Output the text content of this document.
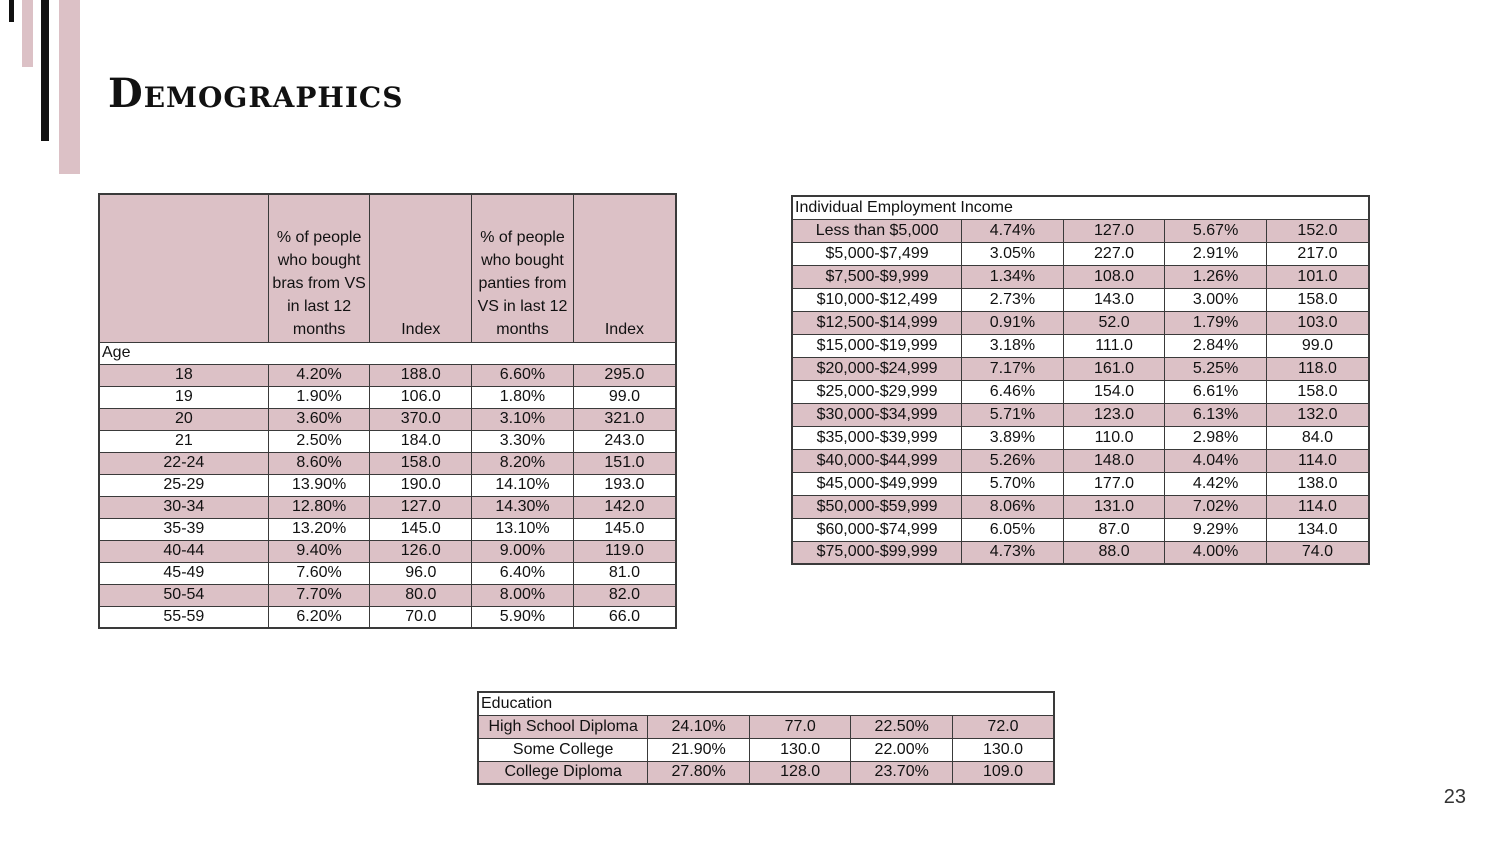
Demographics
	% of people who bought bras from VS in last 12 months	Index	% of people who bought panties from VS in last 12 months	Index
Age				
18	4.20%	188.0	6.60%	295.0
19	1.90%	106.0	1.80%	99.0
20	3.60%	370.0	3.10%	321.0
21	2.50%	184.0	3.30%	243.0
22-24	8.60%	158.0	8.20%	151.0
25-29	13.90%	190.0	14.10%	193.0
30-34	12.80%	127.0	14.30%	142.0
35-39	13.20%	145.0	13.10%	145.0
40-44	9.40%	126.0	9.00%	119.0
45-49	7.60%	96.0	6.40%	81.0
50-54	7.70%	80.0	8.00%	82.0
55-59	6.20%	70.0	5.90%	66.0
Individual Employment Income				
Less than $5,000	4.74%	127.0	5.67%	152.0
$5,000-$7,499	3.05%	227.0	2.91%	217.0
$7,500-$9,999	1.34%	108.0	1.26%	101.0
$10,000-$12,499	2.73%	143.0	3.00%	158.0
$12,500-$14,999	0.91%	52.0	1.79%	103.0
$15,000-$19,999	3.18%	111.0	2.84%	99.0
$20,000-$24,999	7.17%	161.0	5.25%	118.0
$25,000-$29,999	6.46%	154.0	6.61%	158.0
$30,000-$34,999	5.71%	123.0	6.13%	132.0
$35,000-$39,999	3.89%	110.0	2.98%	84.0
$40,000-$44,999	5.26%	148.0	4.04%	114.0
$45,000-$49,999	5.70%	177.0	4.42%	138.0
$50,000-$59,999	8.06%	131.0	7.02%	114.0
$60,000-$74,999	6.05%	87.0	9.29%	134.0
$75,000-$99,999	4.73%	88.0	4.00%	74.0
Education				
High School Diploma	24.10%	77.0	22.50%	72.0
Some College	21.90%	130.0	22.00%	130.0
College Diploma	27.80%	128.0	23.70%	109.0
23
